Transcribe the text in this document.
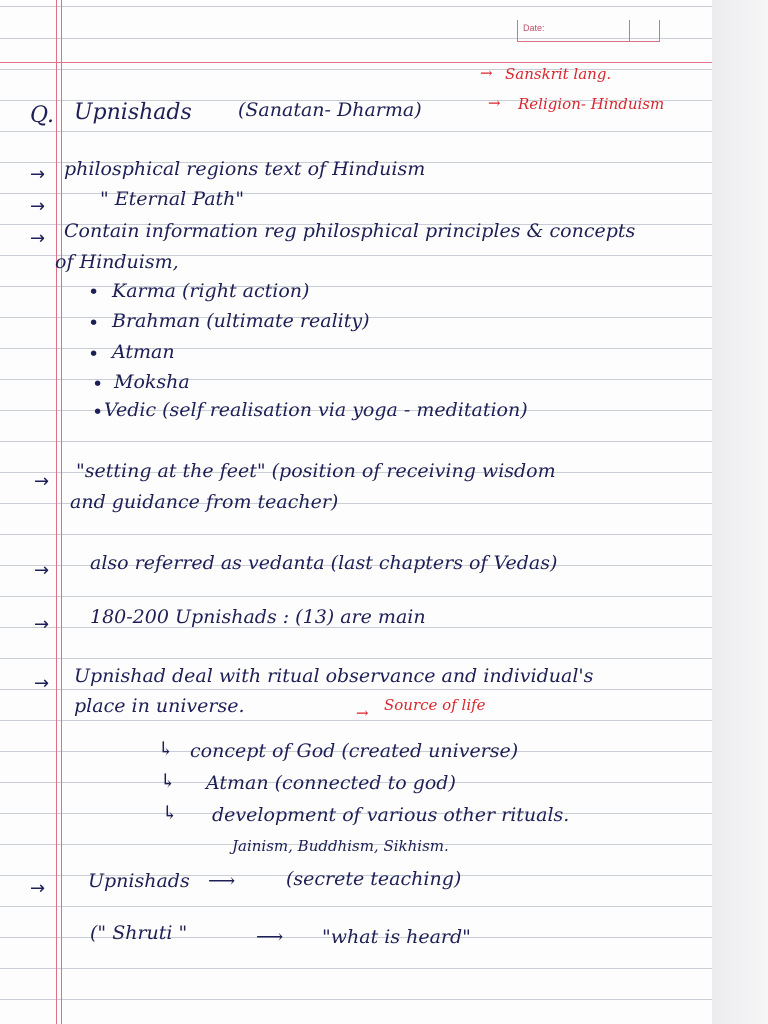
Date:
→ Sanskrit lang.
→ Religion- Hinduism
Q. Upnishads (Sanatan- Dharma)
→ philosphical regions text of Hinduism
→	" Eternal Path"
→ Contain information reg philosphical principles & concepts
of Hinduism,
• Karma (right action)
• Brahman (ultimate reality)
• Atman
• Moksha
• Vedic (self realisation via yoga - meditation)
→ "setting at the feet" (position of receiving wisdom
and guidance from teacher)
→ also referred as vedanta (last chapters of Vedas)
→ 180-200 Upnishads : (13) are main
→ Upnishad deal with ritual observance and individual's
place in universe.	→ Source of life
↳ concept of God (created universe)
↳ Atman (connected to god)
↳ development of various other rituals.
Jainism, Buddhism, Sikhism.
→ Upnishads ⟶	(secrete teaching)
(" Shruti "	⟶ "what is heard"
